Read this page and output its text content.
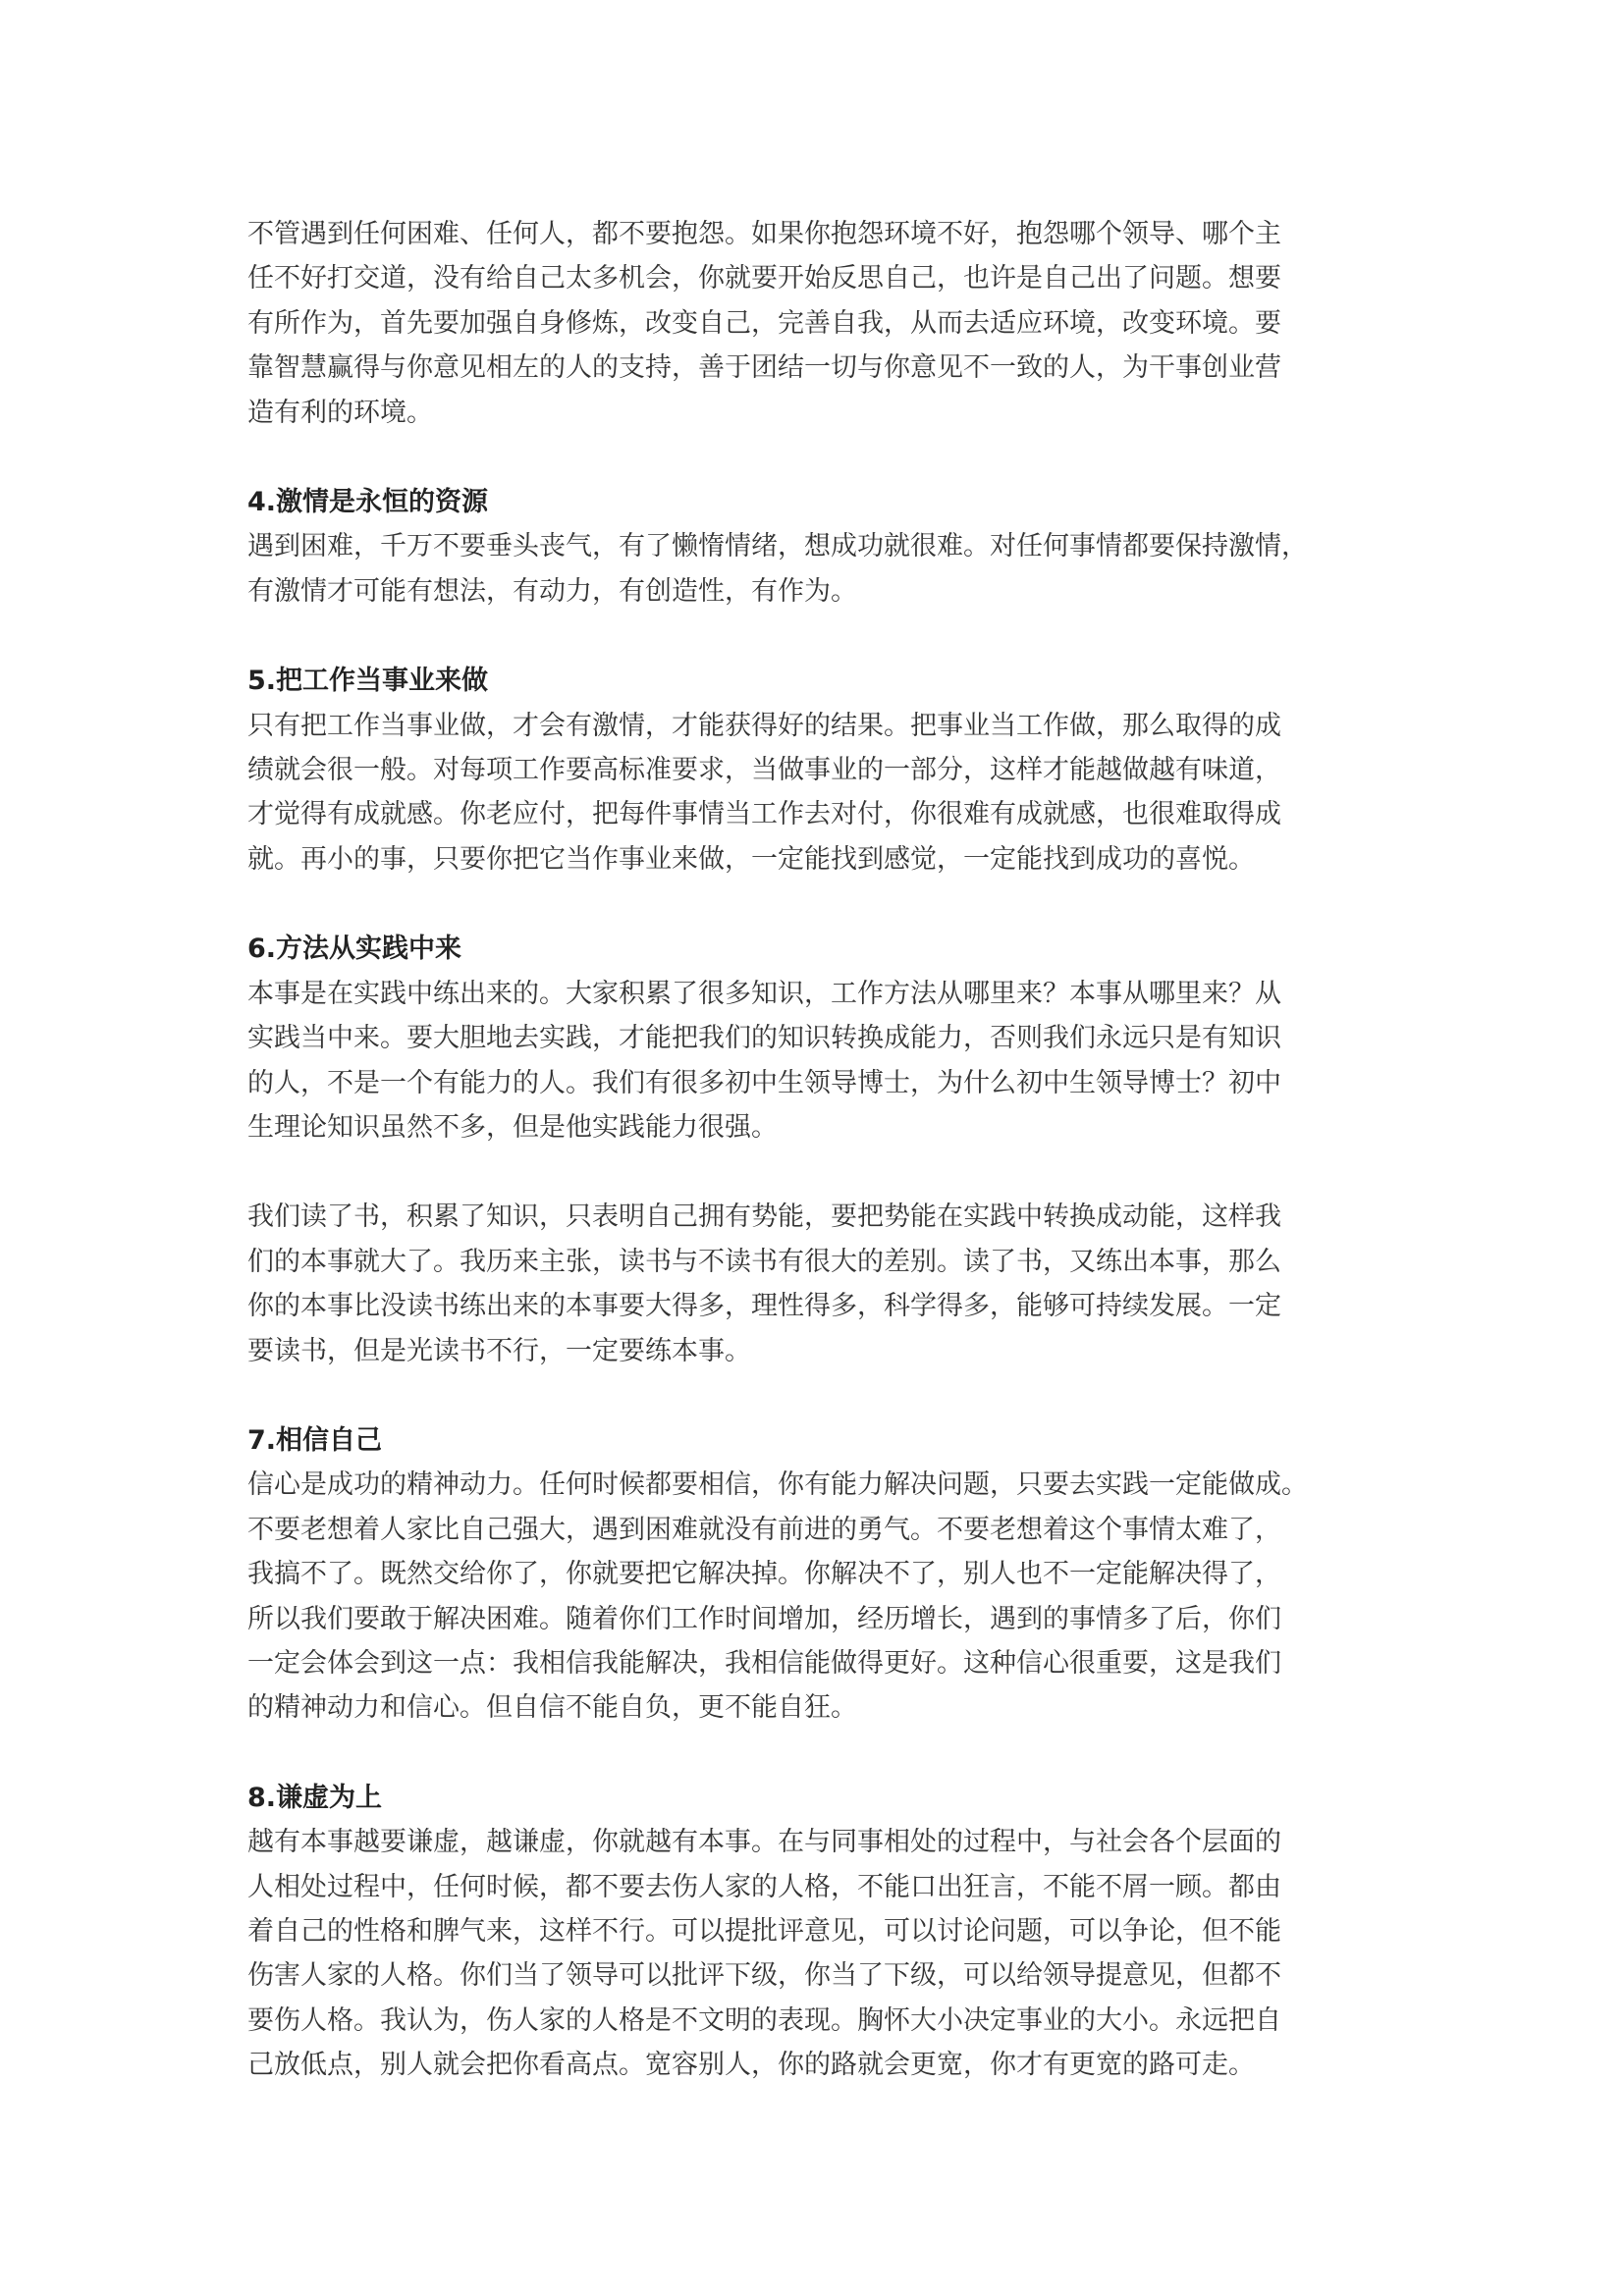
不管遇到任何困难、任何人，都不要抱怨。如果你抱怨环境不好，抱怨哪个领导、哪个主
任不好打交道，没有给自己太多机会，你就要开始反思自己，也许是自己出了问题。想要
有所作为，首先要加强自身修炼，改变自己，完善自我，从而去适应环境，改变环境。要
靠智慧赢得与你意见相左的人的支持，善于团结一切与你意见不一致的人，为干事创业营
造有利的环境。
4.激情是永恒的资源
遇到困难，千万不要垂头丧气，有了懒惰情绪，想成功就很难。对任何事情都要保持激情，
有激情才可能有想法，有动力，有创造性，有作为。
5.把工作当事业来做
只有把工作当事业做，才会有激情，才能获得好的结果。把事业当工作做，那么取得的成
绩就会很一般。对每项工作要高标准要求，当做事业的一部分，这样才能越做越有味道，
才觉得有成就感。你老应付，把每件事情当工作去对付，你很难有成就感，也很难取得成
就。再小的事，只要你把它当作事业来做，一定能找到感觉，一定能找到成功的喜悦。
6.方法从实践中来
本事是在实践中练出来的。大家积累了很多知识，工作方法从哪里来？本事从哪里来？从
实践当中来。要大胆地去实践，才能把我们的知识转换成能力，否则我们永远只是有知识
的人，不是一个有能力的人。我们有很多初中生领导博士，为什么初中生领导博士？初中
生理论知识虽然不多，但是他实践能力很强。
我们读了书，积累了知识，只表明自己拥有势能，要把势能在实践中转换成动能，这样我
们的本事就大了。我历来主张，读书与不读书有很大的差别。读了书，又练出本事，那么
你的本事比没读书练出来的本事要大得多，理性得多，科学得多，能够可持续发展。一定
要读书，但是光读书不行，一定要练本事。
7.相信自己
信心是成功的精神动力。任何时候都要相信，你有能力解决问题，只要去实践一定能做成。
不要老想着人家比自己强大，遇到困难就没有前进的勇气。不要老想着这个事情太难了，
我搞不了。既然交给你了，你就要把它解决掉。你解决不了，别人也不一定能解决得了，
所以我们要敢于解决困难。随着你们工作时间增加，经历增长，遇到的事情多了后，你们
一定会体会到这一点：我相信我能解决，我相信能做得更好。这种信心很重要，这是我们
的精神动力和信心。但自信不能自负，更不能自狂。
8.谦虚为上
越有本事越要谦虚，越谦虚，你就越有本事。在与同事相处的过程中，与社会各个层面的
人相处过程中，任何时候，都不要去伤人家的人格，不能口出狂言，不能不屑一顾。都由
着自己的性格和脾气来，这样不行。可以提批评意见，可以讨论问题，可以争论，但不能
伤害人家的人格。你们当了领导可以批评下级，你当了下级，可以给领导提意见，但都不
要伤人格。我认为，伤人家的人格是不文明的表现。胸怀大小决定事业的大小。永远把自
己放低点，别人就会把你看高点。宽容别人，你的路就会更宽，你才有更宽的路可走。
